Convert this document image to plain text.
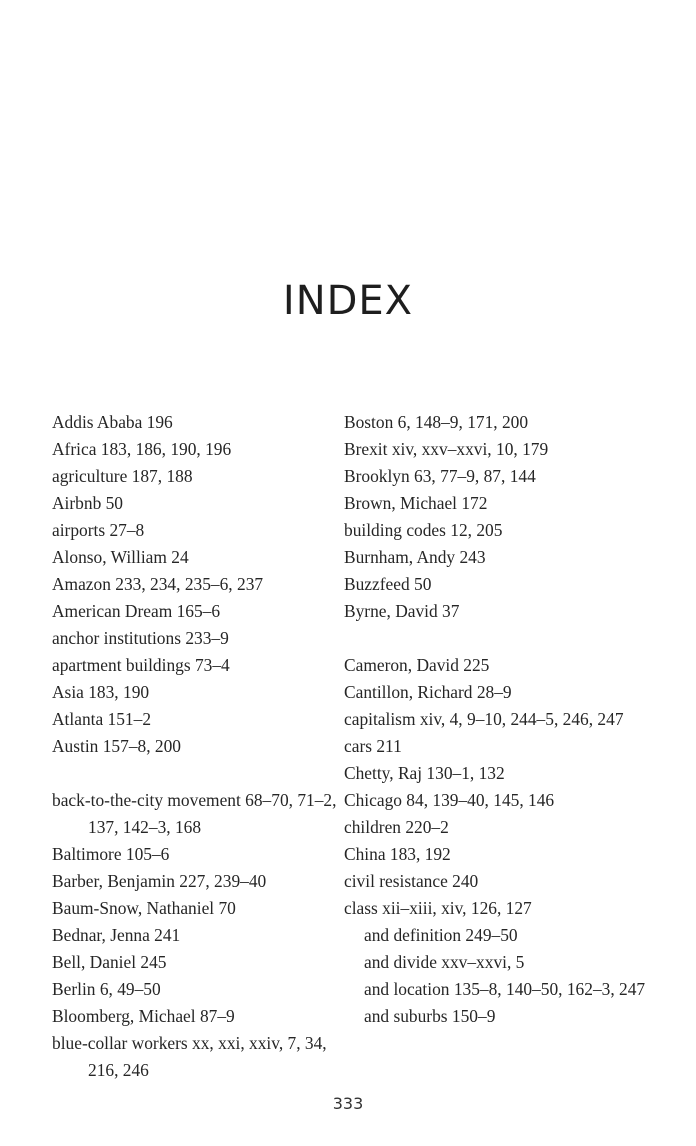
INDEX
Addis Ababa 196
Africa 183, 186, 190, 196
agriculture 187, 188
Airbnb 50
airports 27–8
Alonso, William 24
Amazon 233, 234, 235–6, 237
American Dream 165–6
anchor institutions 233–9
apartment buildings 73–4
Asia 183, 190
Atlanta 151–2
Austin 157–8, 200
back-to-the-city movement 68–70, 71–2, 137, 142–3, 168
Baltimore 105–6
Barber, Benjamin 227, 239–40
Baum-Snow, Nathaniel 70
Bednar, Jenna 241
Bell, Daniel 245
Berlin 6, 49–50
Bloomberg, Michael 87–9
blue-collar workers xx, xxi, xxiv, 7, 34, 216, 246
Boston 6, 148–9, 171, 200
Brexit xiv, xxv–xxvi, 10, 179
Brooklyn 63, 77–9, 87, 144
Brown, Michael 172
building codes 12, 205
Burnham, Andy 243
Buzzfeed 50
Byrne, David 37
Cameron, David 225
Cantillon, Richard 28–9
capitalism xiv, 4, 9–10, 244–5, 246, 247
cars 211
Chetty, Raj 130–1, 132
Chicago 84, 139–40, 145, 146
children 220–2
China 183, 192
civil resistance 240
class xii–xiii, xiv, 126, 127
and definition 249–50
and divide xxv–xxvi, 5
and location 135–8, 140–50, 162–3, 247
and suburbs 150–9
333
